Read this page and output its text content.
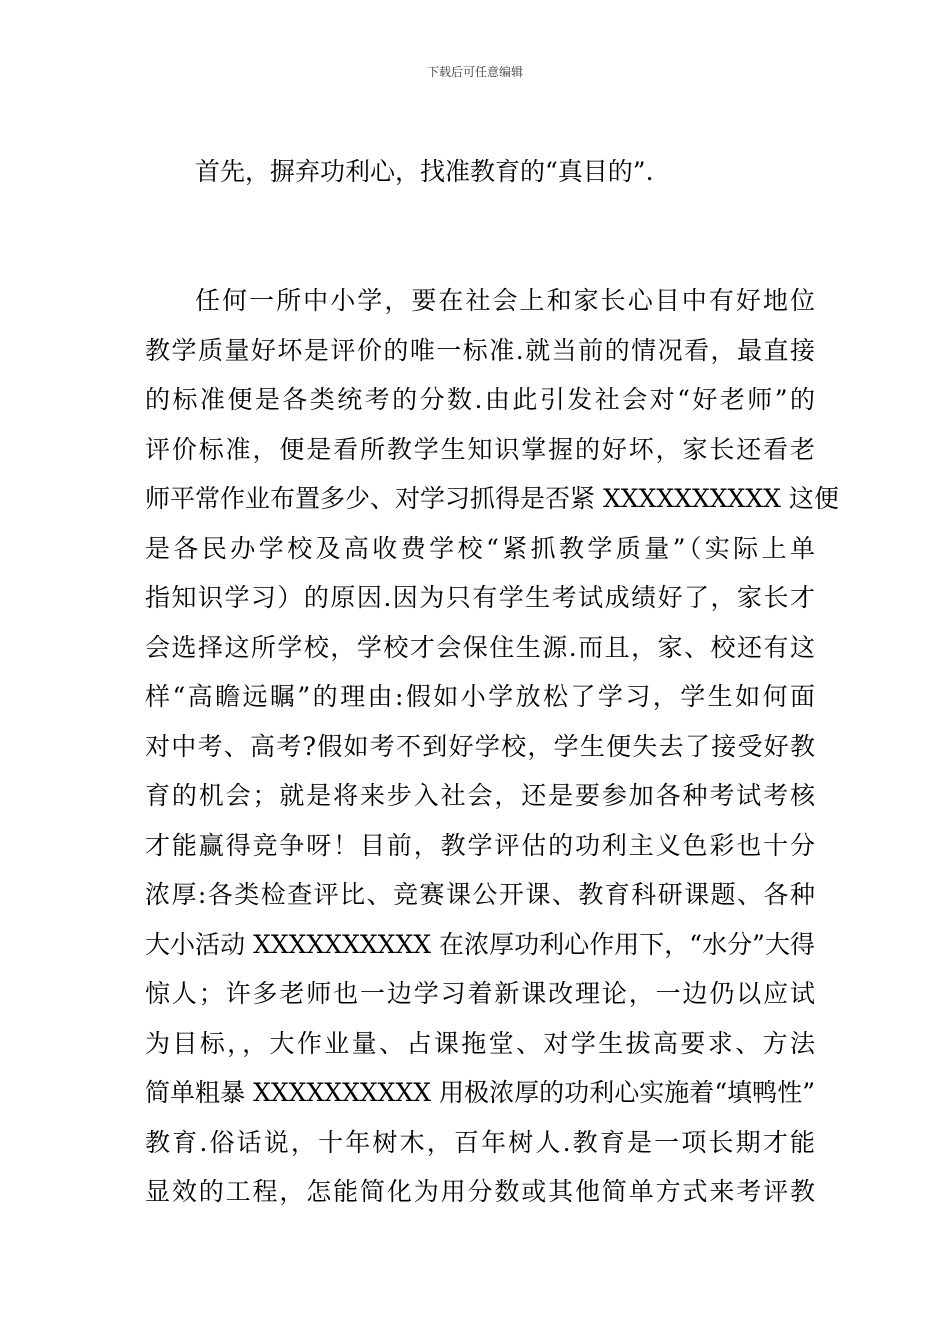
下载后可任意编辑
首先，摒弃功利心，找准教育的“真目的”.
任何一所中小学，要在社会上和家长心目中有好地位
教学质量好坏是评价的唯一标准.就当前的情况看，最直接
的标准便是各类统考的分数.由此引发社会对“好老师”的
评价标准，便是看所教学生知识掌握的好坏，家长还看老
师平常作业布置多少、对学习抓得是否紧 XXXXXXXXXX 这便
是各民办学校及高收费学校“紧抓教学质量”（实际上单
指知识学习）的原因.因为只有学生考试成绩好了，家长才
会选择这所学校，学校才会保住生源.而且，家、校还有这
样“高瞻远瞩”的理由:假如小学放松了学习，学生如何面
对中考、高考?假如考不到好学校，学生便失去了接受好教
育的机会；就是将来步入社会，还是要参加各种考试考核
才能赢得竞争呀！目前，教学评估的功利主义色彩也十分
浓厚:各类检查评比、竞赛课公开课、教育科研课题、各种
大小活动 XXXXXXXXXX 在浓厚功利心作用下，“水分”大得
惊人；许多老师也一边学习着新课改理论，一边仍以应试
为目标，，大作业量、占课拖堂、对学生拔高要求、方法
简单粗暴 XXXXXXXXXX 用极浓厚的功利心实施着“填鸭性”
教育.俗话说，十年树木，百年树人.教育是一项长期才能
显效的工程，怎能简化为用分数或其他简单方式来考评教
